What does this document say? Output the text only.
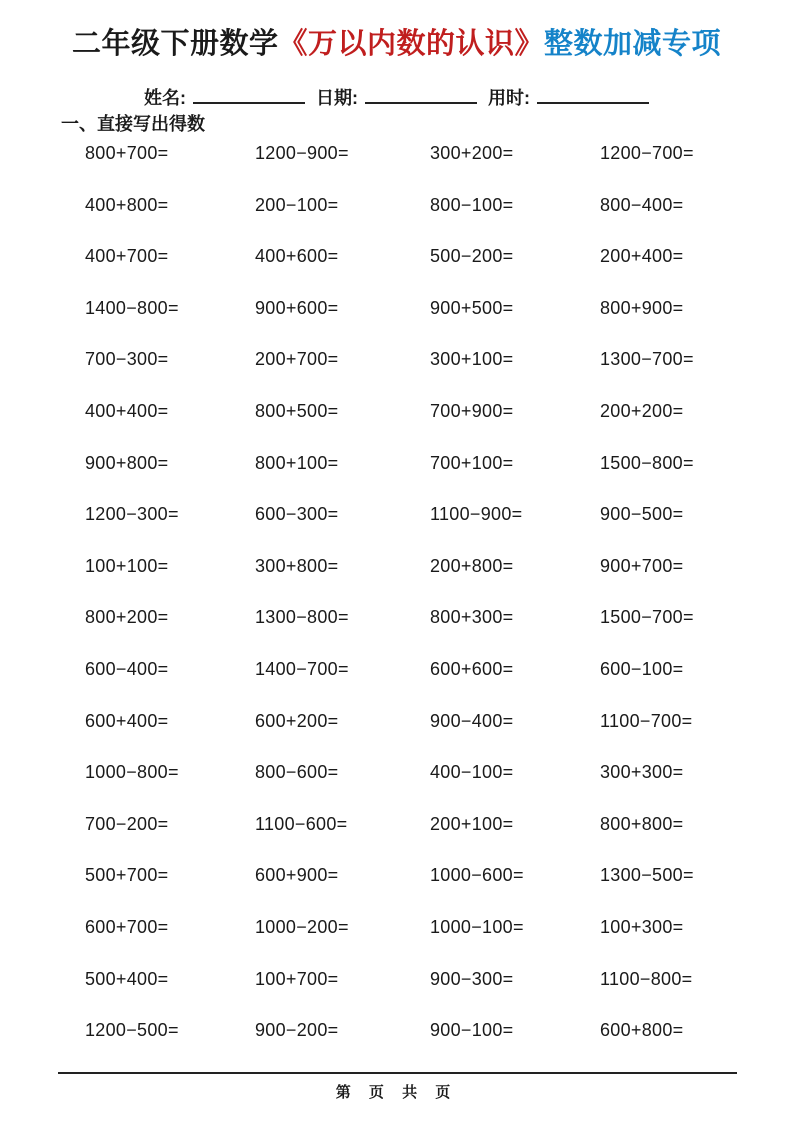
二年级下册数学《万以内数的认识》整数加减专项
姓名:	日期:	用时:
一、直接写出得数
800+700=	1200−900=	300+200=	1200−700=
400+800=	200−100=	800−100=	800−400=
400+700=	400+600=	500−200=	200+400=
1400−800=	900+600=	900+500=	800+900=
700−300=	200+700=	300+100=	1300−700=
400+400=	800+500=	700+900=	200+200=
900+800=	800+100=	700+100=	1500−800=
1200−300=	600−300=	1100−900=	900−500=
100+100=	300+800=	200+800=	900+700=
800+200=	1300−800=	800+300=	1500−700=
600−400=	1400−700=	600+600=	600−100=
600+400=	600+200=	900−400=	1100−700=
1000−800=	800−600=	400−100=	300+300=
700−200=	1100−600=	200+100=	800+800=
500+700=	600+900=	1000−600=	1300−500=
600+700=	1000−200=	1000−100=	100+300=
500+400=	100+700=	900−300=	1100−800=
1200−500=	900−200=	900−100=	600+800=
第 页 共 页
